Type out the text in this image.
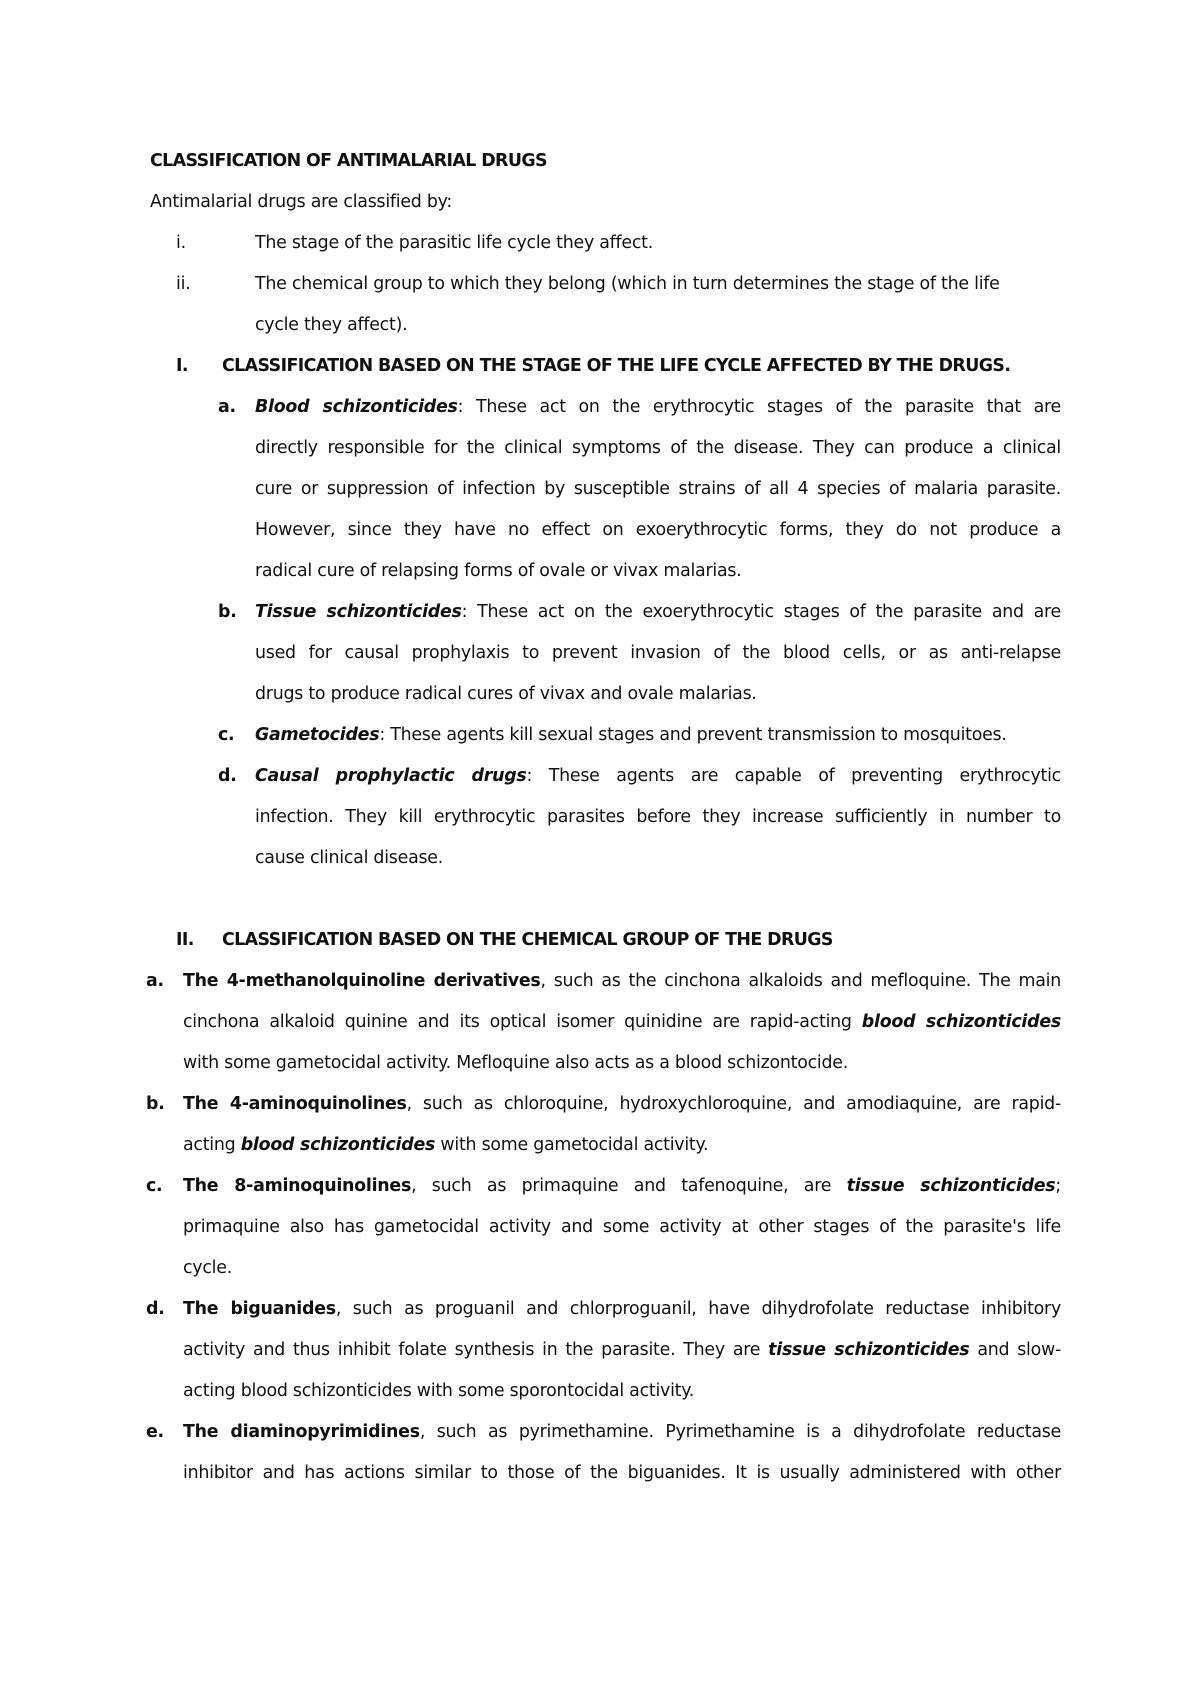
CLASSIFICATION OF ANTIMALARIAL DRUGS
Antimalarial drugs are classified by:
i.	The stage of the parasitic life cycle they affect.
ii.	The chemical group to which they belong (which in turn determines the stage of the life
cycle they affect).
I. CLASSIFICATION BASED ON THE STAGE OF THE LIFE CYCLE AFFECTED BY THE DRUGS.
a. Blood schizonticides: These act on the erythrocytic stages of the parasite that are
directly responsible for the clinical symptoms of the disease. They can produce a clinical
cure or suppression of infection by susceptible strains of all 4 species of malaria parasite.
However, since they have no effect on exoerythrocytic forms, they do not produce a
radical cure of relapsing forms of ovale or vivax malarias.
b. Tissue schizonticides: These act on the exoerythrocytic stages of the parasite and are
used for causal prophylaxis to prevent invasion of the blood cells, or as anti-relapse
drugs to produce radical cures of vivax and ovale malarias.
c. Gametocides: These agents kill sexual stages and prevent transmission to mosquitoes.
d. Causal prophylactic drugs: These agents are capable of preventing erythrocytic
infection. They kill erythrocytic parasites before they increase sufficiently in number to
cause clinical disease.
II. CLASSIFICATION BASED ON THE CHEMICAL GROUP OF THE DRUGS
a. The 4-methanolquinoline derivatives, such as the cinchona alkaloids and mefloquine. The main
cinchona alkaloid quinine and its optical isomer quinidine are rapid-acting blood schizonticides
with some gametocidal activity. Mefloquine also acts as a blood schizontocide.
b. The 4-aminoquinolines, such as chloroquine, hydroxychloroquine, and amodiaquine, are rapid-
acting blood schizonticides with some gametocidal activity.
c. The 8-aminoquinolines, such as primaquine and tafenoquine, are tissue schizonticides;
primaquine also has gametocidal activity and some activity at other stages of the parasite's life
cycle.
d. The biguanides, such as proguanil and chlorproguanil, have dihydrofolate reductase inhibitory
activity and thus inhibit folate synthesis in the parasite. They are tissue schizonticides and slow-
acting blood schizonticides with some sporontocidal activity.
e. The diaminopyrimidines, such as pyrimethamine. Pyrimethamine is a dihydrofolate reductase
inhibitor and has actions similar to those of the biguanides. It is usually administered with other
